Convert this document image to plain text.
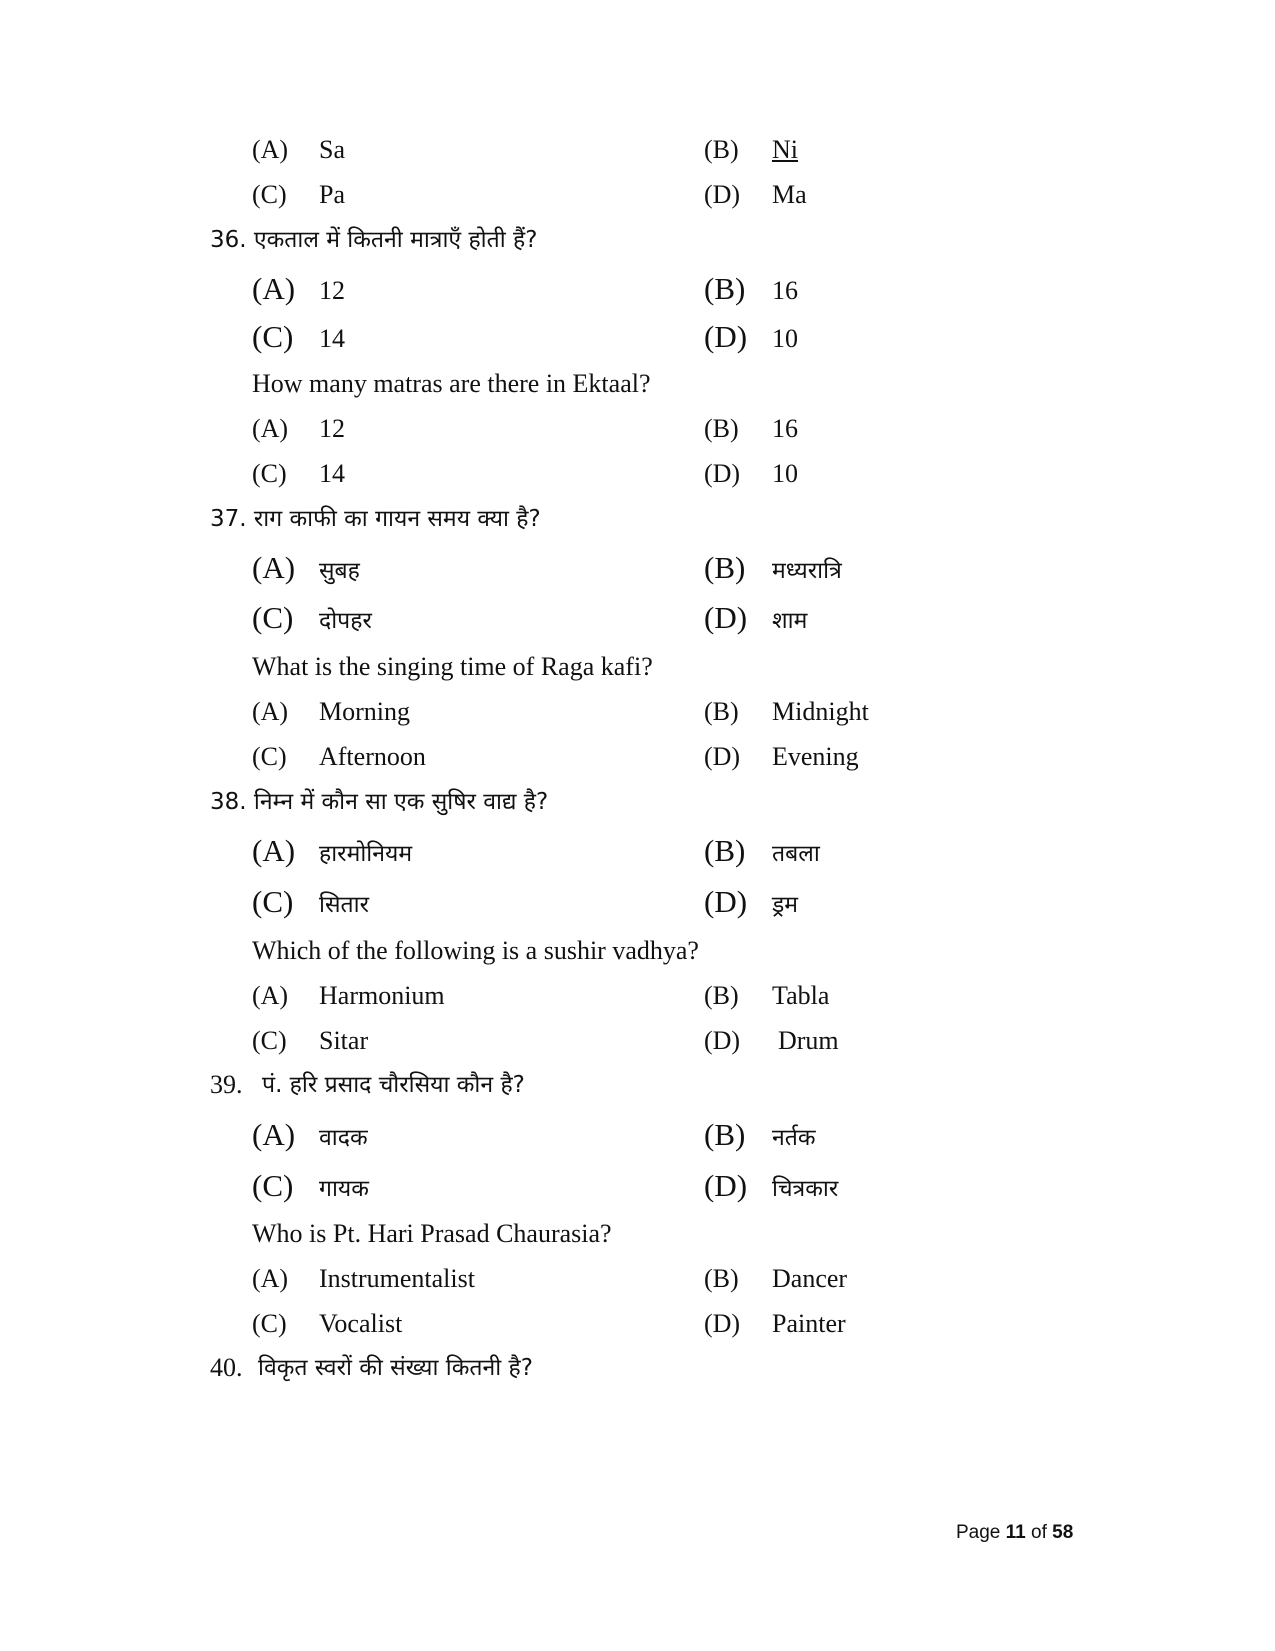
(A) Sa	(B) Ni
(C) Pa	(D) Ma
36. एकताल में कितनी मात्राएँ होती हैं?
(A) 12	(B) 16
(C) 14	(D) 10
How many matras are there in Ektaal?
(A) 12	(B) 16
(C) 14	(D) 10
37. राग काफी का गायन समय क्या है?
(A) सुबह	(B) मध्यरात्रि
(C) दोपहर	(D) शाम
What is the singing time of Raga kafi?
(A) Morning	(B) Midnight
(C) Afternoon	(D) Evening
38. निम्न में कौन सा एक सुषिर वाद्य है?
(A) हारमोनियम	(B) तबला
(C) सितार	(D) ड्रम
Which of the following is a sushir vadhya?
(A) Harmonium	(B) Tabla
(C) Sitar	(D) Drum
39. पं. हरि प्रसाद चौरसिया कौन है?
(A) वादक	(B) नर्तक
(C) गायक	(D) चित्रकार
Who is Pt. Hari Prasad Chaurasia?
(A) Instrumentalist	(B) Dancer
(C) Vocalist	(D) Painter
40. विकृत स्वरों की संख्या कितनी है?
Page 11 of 58
